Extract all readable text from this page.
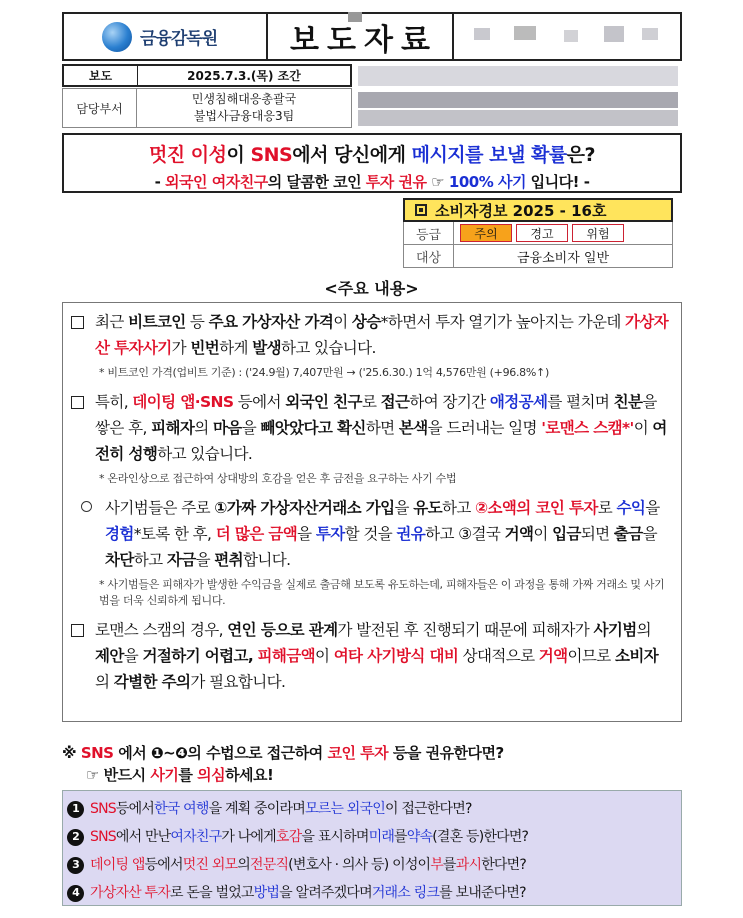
금융감독원 보도자료
보도	2025.7.3.(목) 조간
담당부서
민생침해대응총괄국
불법사금융대응3팀
멋진 이성이 SNS에서 당신에게 메시지를 보낼 확률은?
- 외국인 여자친구의 달콤한 코인 투자 권유 ☞ 100% 사기 입니다! -
소비자경보 2025 - 16호
등급	주의	경고	위험
대상	금융소비자 일반
<주요 내용>
최근 비트코인 등 주요 가상자산 가격이 상승*하면서 투자 열기가 높아지는 가운데 가상자산 투자사기가 빈번하게 발생하고 있습니다.
* 비트코인 가격(업비트 기준) : ('24.9월) 7,407만원 → ('25.6.30.) 1억 4,576만원 (+96.8%↑)
특히, 데이팅 앱·SNS 등에서 외국인 친구로 접근하여 장기간 애정공세를 펼치며 친분을 쌓은 후, 피해자의 마음을 빼앗았다고 확신하면 본색을 드러내는 일명 '로맨스 스캠*'이 여전히 성행하고 있습니다.
* 온라인상으로 접근하여 상대방의 호감을 얻은 후 금전을 요구하는 사기 수법
사기범들은 주로 ①가짜 가상자산거래소 가입을 유도하고 ②소액의 코인 투자로 수익을 경험*토록 한 후, 더 많은 금액을 투자할 것을 권유하고 ③결국 거액이 입금되면 출금을 차단하고 자금을 편취합니다.
* 사기범들은 피해자가 발생한 수익금을 실제로 출금해 보도록 유도하는데, 피해자들은 이 과정을 통해 가짜 거래소 및 사기범을 더욱 신뢰하게 됩니다.
로맨스 스캠의 경우, 연인 등으로 관계가 발전된 후 진행되기 때문에 피해자가 사기범의 제안을 거절하기 어렵고, 피해금액이 여타 사기방식 대비 상대적으로 거액이므로 소비자의 각별한 주의가 필요합니다.
※ SNS 에서 ❶~❹의 수법으로 접근하여 코인 투자 등을 권유한다면?
☞ 반드시 사기를 의심하세요!
1 SNS 등에서 한국 여행 을 계획 중이라며 모르는 외국인 이 접근한다면?
2 SNS 에서 만난 여자친구 가 나에게 호감 을 표시하며 미래 를 약속 (결혼 등)한다면?
3 데이팅 앱 등에서 멋진 외모 의 전문직 (변호사 · 의사 등) 이성이 부 를 과시 한다면?
4 가상자산 투자 로 돈을 벌었고 방법 을 알려주겠다며 거래소 링크 를 보내준다면?
